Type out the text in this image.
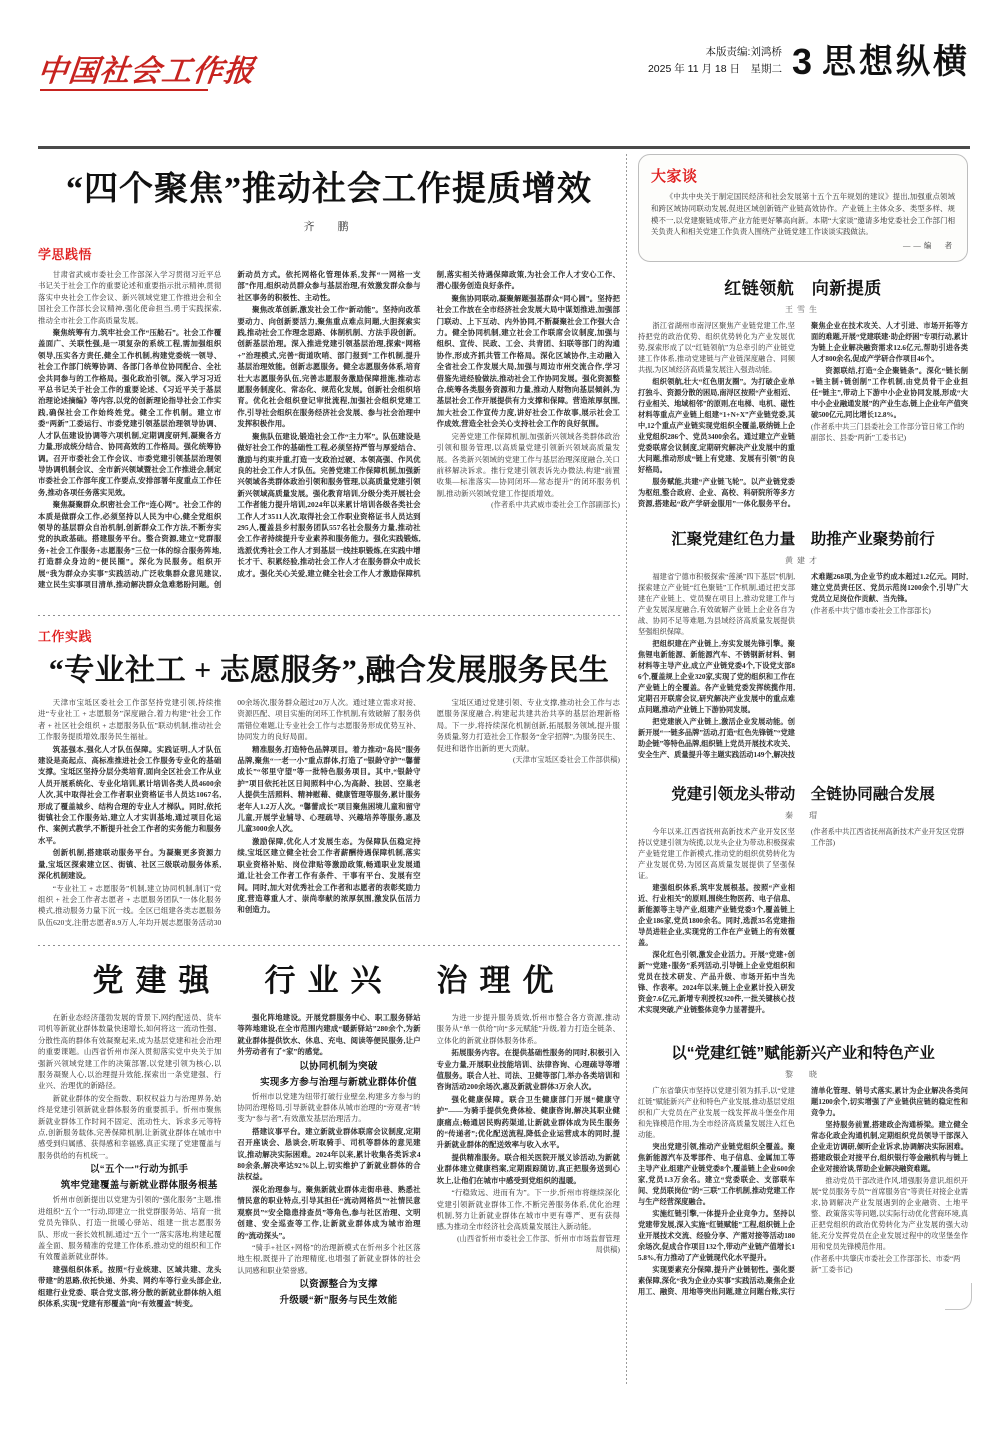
中国社会工作报
本版责编:刘鸿桥
2025 年 11 月 18 日　星期二 3 思想纵横
“四个聚焦”推动社会工作提质增效
齐　鹏
学思践悟

甘肃省武威市委社会工作部深入学习贯彻习近平总书记关于社会工作的重要论述和重要指示批示精神,贯彻落实中央社会工作会议、新兴领域党建工作推进会和全国社会工作部长会议精神,强化使命担当,勇于实践探索,推动全市社会工作高质量发展。

聚焦统筹有力,筑牢社会工作“压舱石”。社会工作覆盖面广、关联性强,是一项复杂的系统工程,需加强组织领导,压实各方责任,健全工作机制,构建党委统一领导、社会工作部门统筹协调、各部门各单位协同配合、全社会共同参与的工作格局。强化政治引领。深入学习习近平总书记关于社会工作的重要论述、《习近平关于基层治理论述摘编》等内容,以党的创新理论指导社会工作实践,确保社会工作始终姓党。健全工作机制。建立市委“两新”工委运行、市委党建引领基层治理领导协调、人才队伍建设协调等六项机制,定期调度研判,凝聚各方力量,形成统分结合、协同高效的工作格局。强化统筹协调。召开市委社会工作会议、市委党建引领基层治理领导协调机制会议、全市新兴领域暨社会工作推进会,制定市委社会工作部年度工作要点,安排部署年度重点工作任务,推动各项任务落实见效。

聚焦凝聚群众,织密社会工作“连心网”。社会工作的本质是做群众工作,必须坚持以人民为中心,健全党组织领导的基层群众自治机制,创新群众工作方法,不断夯实党的执政基础。搭建服务平台。整合资源,建立“党群服务+社会工作服务+志愿服务”三位一体的综合服务阵地,打造群众身边的“便民圈”。深化为民服务。组织开展“我为群众办实事”实践活动,广泛收集群众意见建议,建立民生实事项目清单,推动解决群众急难愁盼问题。创新动员方式。依托网格化管理体系,发挥“一网格一支部”作用,组织动员群众参与基层治理,有效激发群众参与社区事务的积极性、主动性。

聚焦改革创新,激发社会工作“新动能”。坚持向改革要动力、向创新要活力,聚焦重点难点问题,大胆探索实践,推动社会工作理念思路、体制机制、方法手段创新。创新基层治理。深入推进党建引领基层治理,探索“网格+”治理模式,完善“街道吹哨、部门报到”工作机制,提升基层治理效能。创新志愿服务。健全志愿服务体系,培育壮大志愿服务队伍,完善志愿服务激励保障措施,推动志愿服务制度化、常态化、规范化发展。创新社会组织培育。优化社会组织登记审批流程,加强社会组织党建工作,引导社会组织在服务经济社会发展、参与社会治理中发挥积极作用。

聚焦队伍建设,锻造社会工作“主力军”。队伍建设是做好社会工作的基础性工程,必须坚持严管与厚爱结合、激励与约束并重,打造一支政治过硬、本领高强、作风优良的社会工作人才队伍。完善党建工作保障机制,加强新兴领域各类群体政治引领和服务管理,以高质量党建引领新兴领域高质量发展。强化教育培训,分级分类开展社会工作者能力提升培训,2024年以来累计培训各级各类社会工作人才3511人次,取得社会工作职业资格证书人员达到295人,覆盖县乡村服务团队557名社会服务力量,推动社会工作者持续提升专业素养和服务能力。强化实践锻炼,选派优秀社会工作人才到基层一线挂职锻炼,在实践中增长才干、积累经验,推动社会工作人才在服务群众中成长成才。强化关心关爱,建立健全社会工作人才激励保障机制,落实相关待遇保障政策,为社会工作人才安心工作、潜心服务创造良好条件。

聚焦协同联动,凝聚解题强基群众“同心圆”。坚持把社会工作放在全市经济社会发展大局中谋划推进,加强部门联动、上下互动、内外协同,不断凝聚社会工作强大合力。健全协同机制,建立社会工作联席会议制度,加强与组织、宣传、民政、工会、共青团、妇联等部门的沟通协作,形成齐抓共管工作格局。深化区域协作,主动融入全省社会工作发展大局,加强与周边市州交流合作,学习借鉴先进经验做法,推动社会工作协同发展。强化资源整合,统筹各类服务资源和力量,推动人财物向基层倾斜,为基层社会工作开展提供有力支撑和保障。营造浓厚氛围,加大社会工作宣传力度,讲好社会工作故事,展示社会工作成效,营造全社会关心支持社会工作的良好氛围。

完善党建工作保障机制,加强新兴领域各类群体政治引领和服务管理,以高质量党建引领新兴领域高质量发展。各类新兴领域的党建工作与基层治理深度融合,关口前移解决诉求。推行党建引领表诉先办微法,构建“前置收集—标准落实—协同闭环—常态提升”的闭环服务机制,推动新兴领域党建工作提质增效。

(作者系中共武威市委社会工作部副部长)

工作实践
“专业社工 + 志愿服务”,融合发展服务民生

天津市宝坻区委社会工作部坚持党建引领,持续推进“专业社工 + 志愿服务”深度融合,着力构建“社会工作者 + 社区社会组织 + 志愿服务队伍”联动机制,推动社会工作服务提质增效,服务民生福祉。

筑基强本,强化人才队伍保障。实践证明,人才队伍建设是高起点、高标准推进社会工作服务专业化的基础支撑。宝坻区坚持分层分类培育,面向全区社会工作从业人员开展系统化、专业化培训,累计培训各类人员4600余人次,其中取得社会工作者职业资格证书人员达1067名,形成了覆盖城乡、结构合理的专业人才梯队。同时,依托街镇社会工作服务站,建立人才实训基地,通过项目化运作、案例式教学,不断提升社会工作者的实务能力和服务水平。

创新机制,搭建联动服务平台。为凝聚更多资源力量,宝坻区探索建立区、街镇、社区三级联动服务体系,深化机制建设。

“专业社工 + 志愿服务”机制,建立协同机制,制订“党组织 + 社会工作者志愿者 + 志愿服务团队”一体化服务模式,推动服务力量下沉一线。全区已组建各类志愿服务队伍620支,注册志愿者8.9万人,年均开展志愿服务活动3000余场次,服务群众超过20万人次。通过建立需求对接、资源匹配、项目实施的闭环工作机制,有效破解了服务供需错位难题,让专业社会工作与志愿服务形成优势互补、协同发力的良好局面。

精准服务,打造特色品牌项目。着力推动“岛民”服务品牌,聚焦“一老一小”重点群体,打造了“银龄守护”“馨蕾成长”“邻里守望”等一批特色服务项目。其中,“银龄守护”项目依托社区日间照料中心,为高龄、独居、空巢老人提供生活照料、精神慰藉、健康管理等服务,累计服务老年人1.2万人次。“馨蕾成长”项目聚焦困境儿童和留守儿童,开展学业辅导、心理疏导、兴趣培养等服务,惠及儿童3000余人次。

激励保障,优化人才发展生态。为保障队伍稳定持续,宝坻区建立健全社会工作者薪酬待遇保障机制,落实职业资格补贴、岗位津贴等激励政策,畅通职业发展通道,让社会工作者工作有条件、干事有平台、发展有空间。同时,加大对优秀社会工作者和志愿者的表彰奖励力度,营造尊重人才、崇尚奉献的浓厚氛围,激发队伍活力和创造力。

宝坻区通过党建引领、专业支撑,推动社会工作与志愿服务深度融合,构建起共建共治共享的基层治理新格局。下一步,将持续深化机制创新,拓展服务领域,提升服务质量,努力打造社会工作服务“金字招牌”,为服务民生、促进和谐作出新的更大贡献。

(天津市宝坻区委社会工作部供稿)

党建强　行业兴　治理优

在新业态经济蓬勃发展的背景下,网约配送员、货车司机等新就业群体数量快速增长,如何将这一流动性强、分散性高的群体有效凝聚起来,成为基层党建和社会治理的重要课题。山西省忻州市深入贯彻落实党中央关于加强新兴领域党建工作的决策部署,以党建引领为核心,以服务凝聚人心,以治理提升效能,探索出一条党建强、行业兴、治理优的新路径。

新就业群体的安全指数、职权权益力与治理界务,始终是党建引领新就业群体服务的重要抓手。忻州市聚焦新就业群体工作时间不固定、流动性大、诉求多元等特点,创新服务载体,完善保障机制,让新就业群体在城市中感受到归属感、获得感和幸福感,真正实现了党建覆盖与服务供给的有机统一。

以“五个一”行动为抓手

筑牢党建覆盖与新就业群体服务根基

忻州市创新提出以党建为引领的“强化服务”主题,推进组织“五个一”行动,即建立一批党群服务站、培育一批党员先锋队、打造一批暖心驿站、组建一批志愿服务队、形成一套长效机制,通过“五个一”落实落地,构建起覆盖全面、服务精准的党建工作体系,推动党的组织和工作有效覆盖新就业群体。

建强组织体系。按照“行业统建、区域共建、龙头带建”的思路,依托快递、外卖、网约车等行业头部企业,组建行业党委、联合党支部,将分散的新就业群体纳入组织体系,实现“党建有形覆盖”向“有效覆盖”转变。

强化阵地建设。开展党群服务中心、职工服务驿站等阵地建设,在全市范围内建成“暖新驿站”280余个,为新就业群体提供饮水、休息、充电、阅读等便民服务,让户外劳动者有了“家”的感觉。

以协同机制为突破

实现多方参与治理与新就业群体价值

忻州市以党建为纽带打破行业壁垒,构建多方参与的协同治理格局,引导新就业群体从城市治理的“旁观者”转变为“参与者”,有效激发基层治理活力。

搭建议事平台。建立新就业群体联席会议制度,定期召开座谈会、恳谈会,听取骑手、司机等群体的意见建议,推动解决实际困难。2024年以来,累计收集各类诉求480余条,解决率达92%以上,切实维护了新就业群体的合法权益。

深化治理参与。聚焦新就业群体走街串巷、熟悉社情民意的职业特点,引导其担任“流动网格员”“社情民意观察员”“安全隐患排查员”等角色,参与社区治理、文明创建、安全巡查等工作,让新就业群体成为城市治理的“流动探头”。

“骑手+社区+网格”的治理新模式在忻州多个社区落地生根,既提升了治理精度,也增强了新就业群体的社会认同感和职业荣誉感。

以资源整合为支撑

升级暖“新”服务与民生效能

为进一步提升服务质效,忻州市整合各方资源,推动服务从“单一供给”向“多元赋能”升级,着力打造全链条、立体化的新就业群体服务体系。

拓展服务内容。在提供基础性服务的同时,积极引入专业力量,开展职业技能培训、法律咨询、心理疏导等增值服务。联合人社、司法、卫健等部门,举办各类培训和咨询活动200余场次,惠及新就业群体3万余人次。

强化健康保障。联合卫生健康部门开展“健康守护”——为骑手提供免费体检、健康咨询,解决其职业健康痛点;畅通居民购药渠道,让新就业群体成为民生服务的“传递者”;优化配送流程,降低企业运营成本的同时,提升新就业群体的配送效率与收入水平。

提供精准服务。联合相关医院开展义诊活动,为新就业群体建立健康档案,定期跟踪随访,真正把服务送到心坎上,让他们在城市中感受到党组织的温暖。

“行稳致远、进而有为”。下一步,忻州市将继续深化党建引领新就业群体工作,不断完善服务体系,优化治理机制,努力让新就业群体在城市中更有尊严、更有获得感,为推动全市经济社会高质量发展注入新动能。

(山西省忻州市委社会工作部、忻州市市场监督管理局供稿)

大家谈
《中共中央关于制定国民经济和社会发展第十五个五年规划的建议》提出,加强重点领域和跨区域协同联动发展,促进区域创新链产业链高效协作。产业链上主体众多、类型多样、规模不一,以党建聚链成带,产业方能更好攀高向新。本期“大家谈”邀请多地党委社会工作部门相关负责人和相关党建工作负责人围绕产业链党建工作谈谈实践做法。
——编　者
红链领航　向新提质
王雪生

浙江省湖州市南浔区聚焦产业链党建工作,坚持把党的政治优势、组织优势转化为产业发展优势,探索形成了以“红链领航”为总牵引的产业链党建工作体系,推动党建链与产业链深度融合、同频共振,为区域经济高质量发展注入强劲动能。

组织领航,壮大“红色朋友圈”。为打破企业单打独斗、资源分散的困局,南浔区按照“产业相近、行业相关、地域相邻”的原则,在电梯、电机、磁性材料等重点产业链上组建“1+N+X”产业链党委,其中,12个重点产业链实现党组织全覆盖,吸纳链上企业党组织286个、党员3400余名。通过建立产业链党委联席会议制度,定期研究解决产业发展中的重大问题,推动形成“链上有党建、发展有引领”的良好格局。

服务赋能,共建“产业链飞轮”。以产业链党委为枢纽,整合政府、企业、高校、科研院所等多方资源,搭建起“政产学研金服用”一体化服务平台。聚焦企业在技术攻关、人才引进、市场开拓等方面的难题,开展“党建联建·助企纾困”专项行动,累计为链上企业解决融资需求12.6亿元,帮助引进各类人才800余名,促成产学研合作项目46个。

资源联结,打造“全企聚链条”。深化“链长制+链主制+链创制”工作机制,由党员骨干企业担任“链主”,带动上下游中小企业协同发展,形成“大中小企业融通发展”的产业生态,链上企业年产值突破500亿元,同比增长12.8%。

(作者系中共三门县委社会工作部分管日常工作的副部长、县委“两新”工委书记)

汇聚党建红色力量　助推产业聚势前行
黄建才

福建省宁德市积极探索“莲溪”四下基层”机制,探索建立产业链“红色聚链”工作机制,通过把支部建在产业链上、党员聚在项目上,推动党建工作与产业发展深度融合,有效破解产业链上企业各自为战、协同不足等难题,为县域经济高质量发展提供坚强组织保障。

把组织建在产业链上,夯实发展先锋引擎。聚焦锂电新能源、新能源汽车、不锈钢新材料、铜材料等主导产业,成立产业链党委4个,下设党支部86个,覆盖规上企业320家,实现了党的组织和工作在产业链上的全覆盖。各产业链党委发挥统揽作用,定期召开联席会议,研究解决产业发展中的重点难点问题,推动产业链上下游协同发展。

把党建嵌入产业链上,激活企业发展动能。创新开展“一链多品牌”活动,打造“红色先锋链”“党建助企链”等特色品牌,组织链上党员开展技术攻关、安全生产、质量提升等主题实践活动149个,解决技术难题268项,为企业节约成本超过1.2亿元。同时,建立党员责任区、党员示范岗1200余个,引导广大党员立足岗位作贡献、当先锋。

(作者系中共宁德市委社会工作部部长)

党建引领龙头带动　全链协同融合发展
秦　瑁

今年以来,江西省抚州高新技术产业开发区坚持以党建引领为统揽,以龙头企业为带动,积极探索产业链党建工作新模式,推动党的组织优势转化为产业发展优势,为园区高质量发展提供了坚强保证。

建强组织体系,筑牢发展根基。按照“产业相近、行业相关”的原则,围绕生物医药、电子信息、新能源等主导产业,组建产业链党委3个,覆盖链上企业186家,党员1800余名。同时,选派35名党建指导员进驻企业,实现党的工作在产业链上的有效覆盖。

深化红色引领,激发企业活力。开展“党建+创新”“党建+服务”系列活动,引导链上企业党组织和党员在技术研发、产品升级、市场开拓中当先锋、作表率。2024年以来,链上企业累计投入研发资金7.6亿元,新增专利授权320件,一批关键核心技术实现突破,产业链整体竞争力显著提升。

(作者系中共江西省抚州高新技术产业开发区党群工作部)

以“党建红链”赋能新兴产业和特色产业
黎　晓

广东省肇庆市坚持以党建引领为抓手,以“党建红链”赋能新兴产业和特色产业发展,推动基层党组织和广大党员在产业发展一线发挥战斗堡垒作用和先锋模范作用,为全市经济高质量发展注入红色动能。

突出党建引领,推动产业链党组织全覆盖。聚焦新能源汽车及零部件、电子信息、金属加工等主导产业,组建产业链党委8个,覆盖链上企业600余家,党员1.3万余名。建立“党委联企、支部联车间、党员联岗位”的“三联”工作机制,推动党建工作与生产经营深度融合。

实施红链引擎,一体提升企业竞争力。坚持以党建带发展,深入实施“红链赋能”工程,组织链上企业开展技术交流、经验分享、产需对接等活动180余场次,促成合作项目132个,带动产业链产值增长15.8%,有力推动了产业链现代化水平提升。

实现要素充分保障,提升产业链韧性。强化要素保障,深化“我为企业办实事”实践活动,聚焦企业用工、融资、用地等突出问题,建立问题台账,实行清单化管理、销号式落实,累计为企业解决各类问题1200余个,切实增强了产业链供应链的稳定性和竞争力。

坚持服务前置,搭建政企沟通桥梁。建立健全常态化政企沟通机制,定期组织党员领导干部深入企业走访调研,倾听企业诉求,协调解决实际困难。搭建政银企对接平台,组织银行等金融机构与链上企业对接洽谈,帮助企业解决融资难题。

推动党员干部改进作风,增强服务意识,组织开展“党员服务专员”“首席服务官”等责任对接企业需求,协调解决产业发展遇到的企业融资、土地平整、政策落实等问题,以实际行动优化营商环境,真正把党组织的政治优势转化为产业发展的强大动能,充分发挥党员在企业发展过程中的攻坚堡垒作用和党员先锋模范作用。

(作者系中共肇庆市委社会工作部部长、市委“两新”工委书记)
